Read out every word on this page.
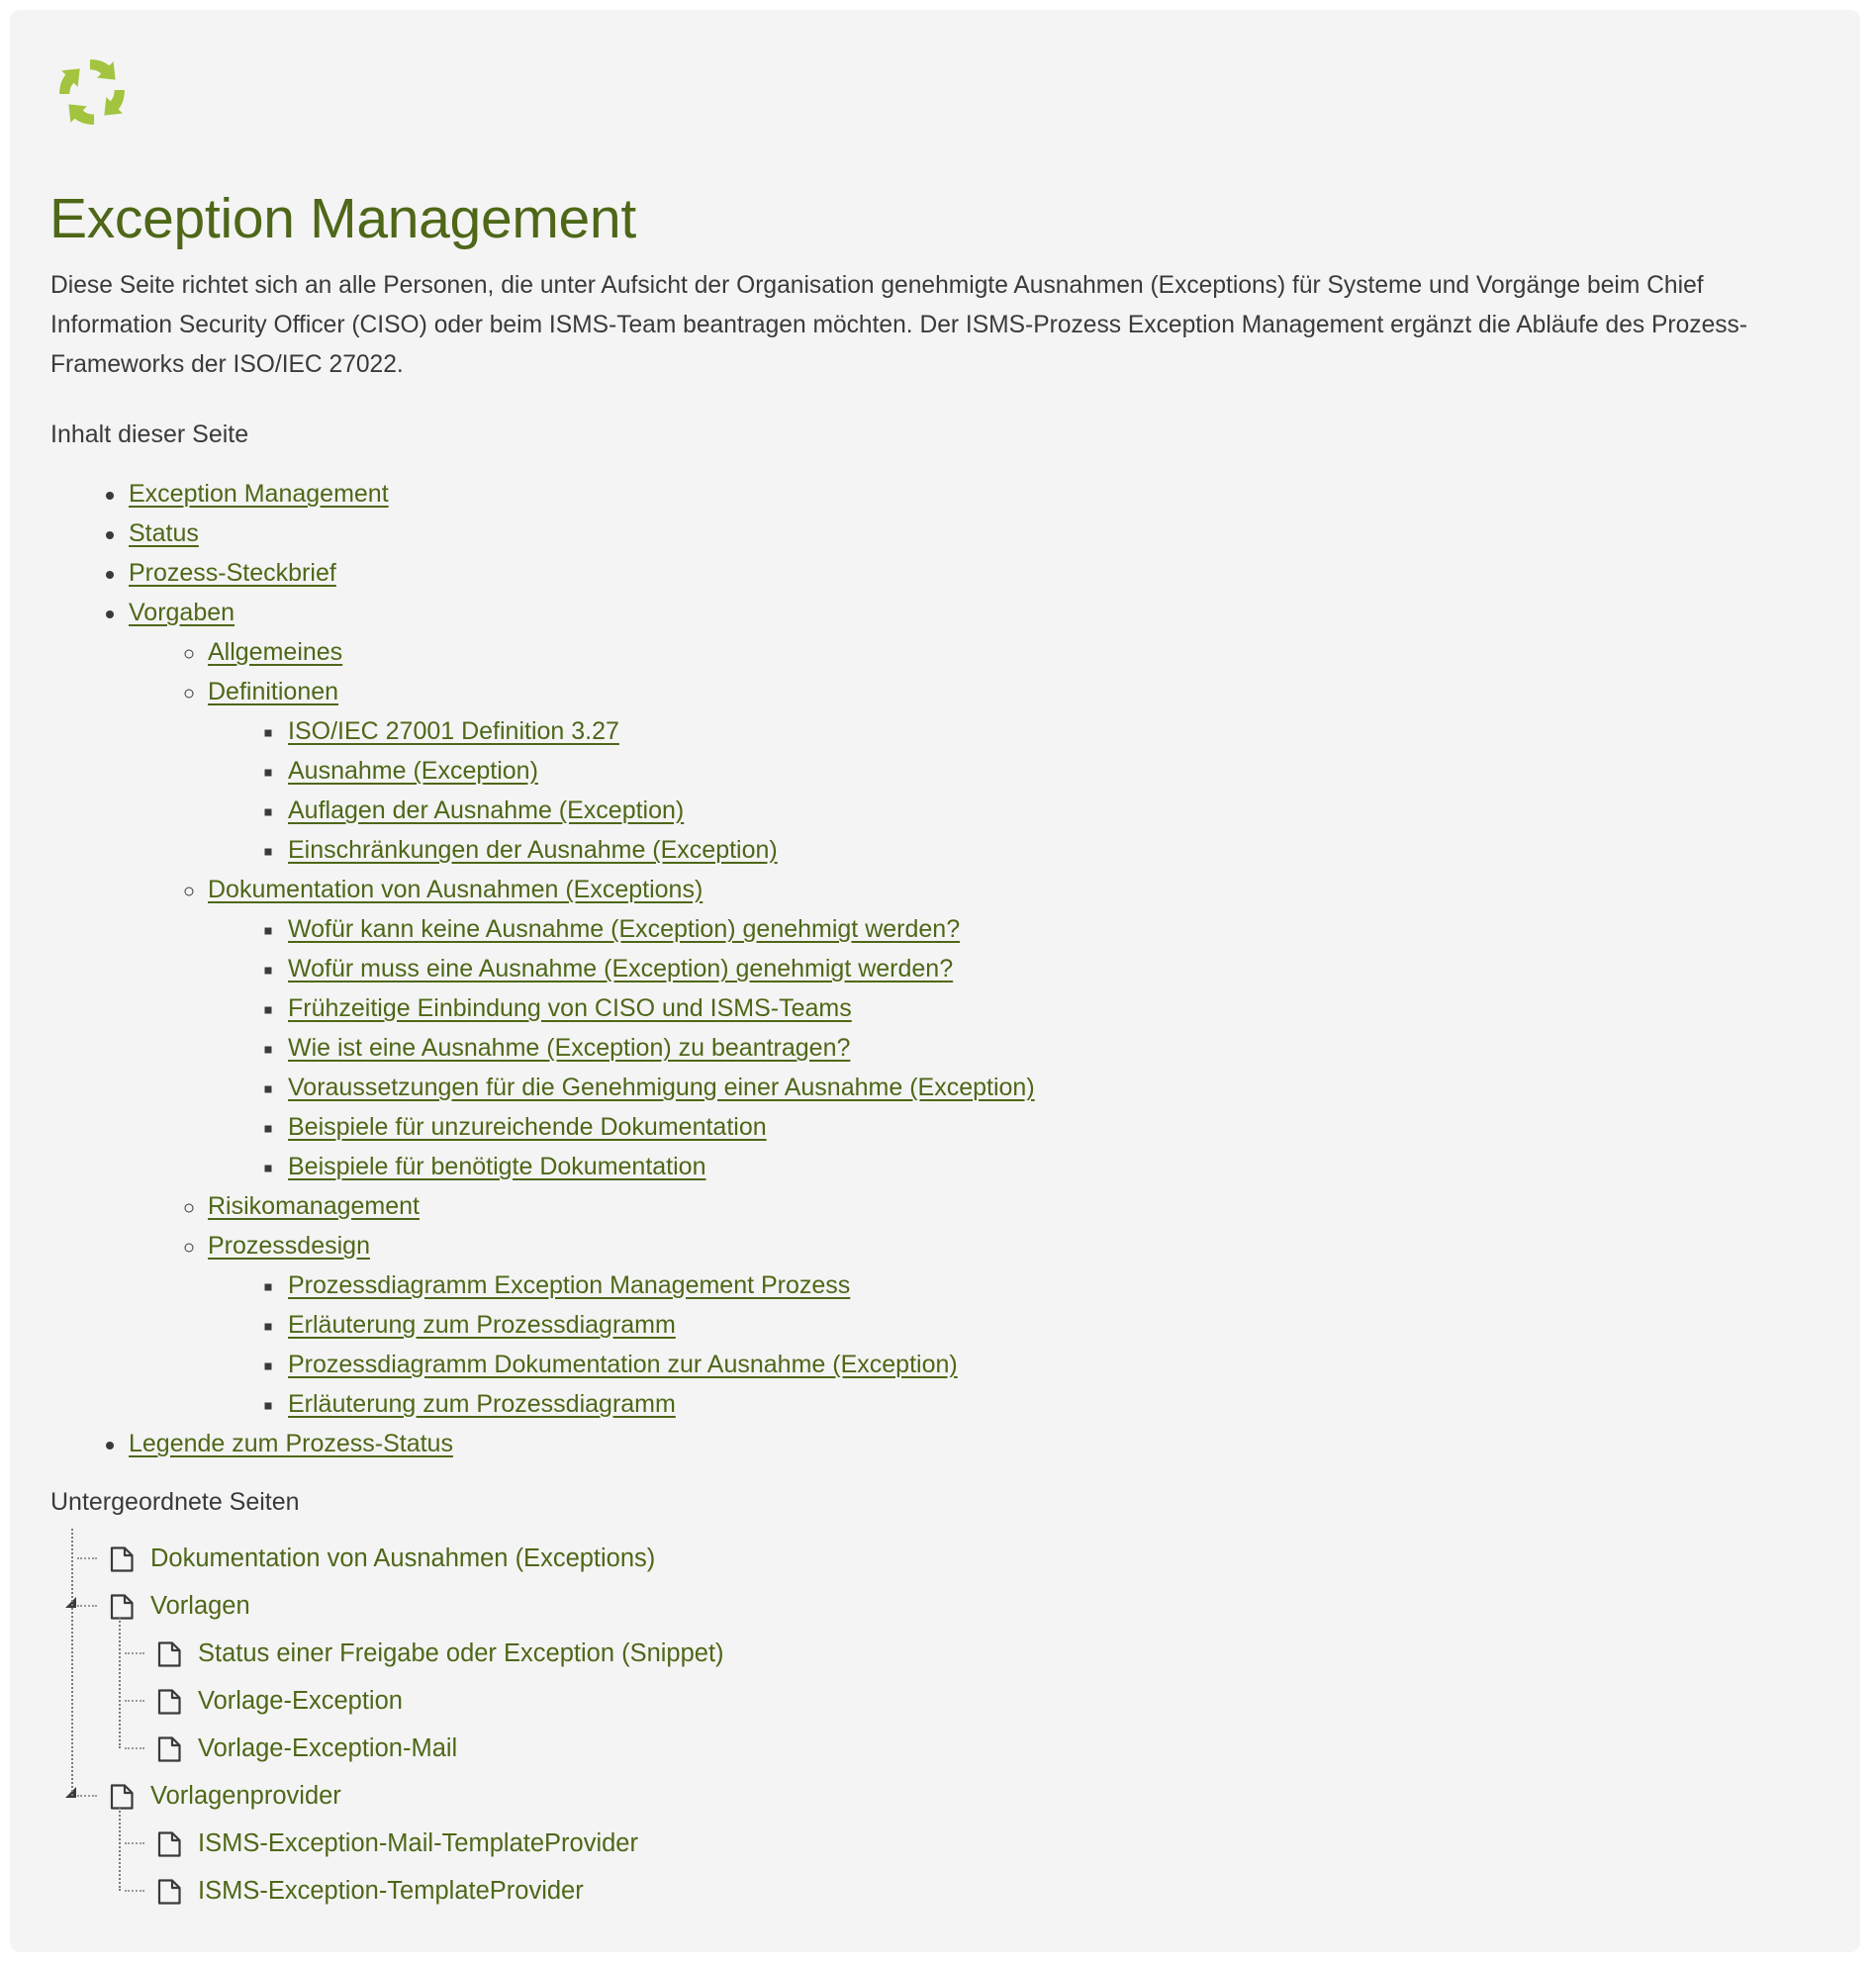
Exception Management

Diese Seite richtet sich an alle Personen, die unter Aufsicht der Organisation genehmigte Ausnahmen (Exceptions) für Systeme und Vorgänge beim Chief Information Security Officer (CISO) oder beim ISMS-Team beantragen möchten. Der ISMS-Prozess Exception Management ergänzt die Abläufe des Prozess-Frameworks der ISO/IEC 27022.

Inhalt dieser Seite
Exception Management
Status
Prozess-Steckbrief
Vorgaben
Allgemeines
Definitionen
ISO/IEC 27001 Definition 3.27
Ausnahme (Exception)
Auflagen der Ausnahme (Exception)
Einschränkungen der Ausnahme (Exception)
Dokumentation von Ausnahmen (Exceptions)
Wofür kann keine Ausnahme (Exception) genehmigt werden?
Wofür muss eine Ausnahme (Exception) genehmigt werden?
Frühzeitige Einbindung von CISO und ISMS-Teams
Wie ist eine Ausnahme (Exception) zu beantragen?
Voraussetzungen für die Genehmigung einer Ausnahme (Exception)
Beispiele für unzureichende Dokumentation
Beispiele für benötigte Dokumentation
Risikomanagement
Prozessdesign
Prozessdiagramm Exception Management Prozess
Erläuterung zum Prozessdiagramm
Prozessdiagramm Dokumentation zur Ausnahme (Exception)
Erläuterung zum Prozessdiagramm
Legende zum Prozess-Status
Untergeordnete Seiten
Dokumentation von Ausnahmen (Exceptions)
Vorlagen
Status einer Freigabe oder Exception (Snippet)
Vorlage-Exception
Vorlage-Exception-Mail
Vorlagenprovider
ISMS-Exception-Mail-TemplateProvider
ISMS-Exception-TemplateProvider
